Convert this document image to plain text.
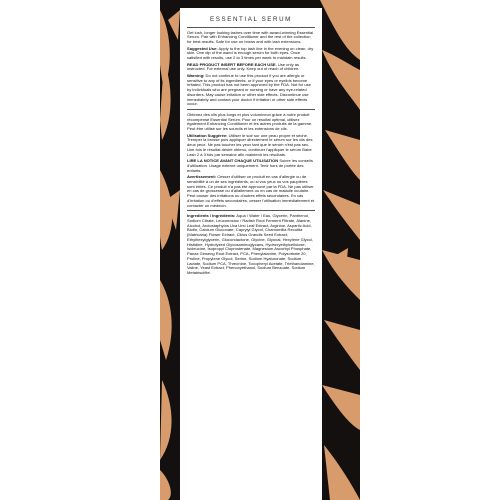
ESSENTIAL SERUM
Get lush, longer looking lashes over time with award-winning Essential Serum. Pair with Enhancing Conditioner and the rest of the collection for best results. Safe for use on brows and with lash extensions.
Suggested Use: Apply to the top lash line in the evening on clean, dry skin. One dip of the wand is enough serum for both eyes. Once satisfied with results, use 2 to 3 times per week to maintain results.
READ PRODUCT INSERT BEFORE EACH USE. Use only as instructed. For external use only. Keep out of reach of children.
Warning: Do not continue to use this product if you are allergic or sensitive to any of its ingredients, or if your eyes or eyelids become irritated. This product has not been approved by the FDA. Not for use by individuals who are pregnant or nursing or have any eye-related disorders. May cause irritation or other side effects. Discontinue use immediately and contact your doctor if irritation or other side effects occur.
Obtenez des cils plus longs et plus volumineux grâce à notre produit récompensé Essential Serum. Pour un résultat optimal, utilisez également Enhancing Conditioner et les autres produits de la gamme. Peut être utilisé sur les sourcils et les extensions de cils.
Utilisation Suggérée: Utiliser le soir sur une peau propre et sèche. Tremper la brosse puis appliquer directement le sérum sur les cils des deux yeux. Ne pas toucher les yeux tant que le sérum n'est pas sec. Une fois le résultat désiré obtenu, continuer l'appliquer le sérum Babe Lash 2 à 3 fois par semaine afin maintenir les résultats.
LIRE LA NOTICE AVANT CHAQUE UTILISATION Suivre les conseils d'utilisation. Usage externe uniquement. Tenir hors de portée des enfants.
Avertissement: Cesser d'utiliser ce produit en cas d'allergie ou de sensibilité à un de ses ingrédients, ou si vos yeux ou vos paupières sont irrités. Ce produit n'a pas été approuvé par la FDA. Ne pas utiliser en cas de grossesse ou d'allaitement ou en cas de maladie oculaire. Peut causer des irritations ou d'autres effets secondaires. En cas d'irritation ou d'effets secondaires, cesser l'utilisation immédiatement et contacter un médecin.
Ingredients / Ingrédients: Aqua / Water / Eau, Glycerin, Panthenol, Sodium Citrate, Leuconostoc / Radish Root Ferment Filtrate, Alanine, Alcohol, Arctostaphylos Uva Ursi Leaf Extract, Arginine, Aspartic Acid, Biotin, Calcium Gluconate, Caprylyl Glycol, Chamomilla Recutita (Matricaria) Flower Extract, Citrus Grandis Seed Extract, Ethylhexylglycerin, Glucondactone, Glycine, Glyoxal, Hexylene Glycol, Histidine, Hydrolyzed Glycosaminoglycans, Hydroxyethylcellulose, Isoleucine, Isopropyl Cloprostenate, Magnesium Ascorbyl Phosphate, Panax Ginseng Root Extract, PCA, Phenylalanine, Polysorbate 20, Proline, Propylene Glycol, Serine, Sodium Hyaluronate, Sodium Lactate, Sodium PCA, Threonine, Tocopheryl Acetate, Triethanolamine, Valine, Yeast Extract, Phenoxyethanol, Sodium Benzoate, Sodium Metabisulfite.
